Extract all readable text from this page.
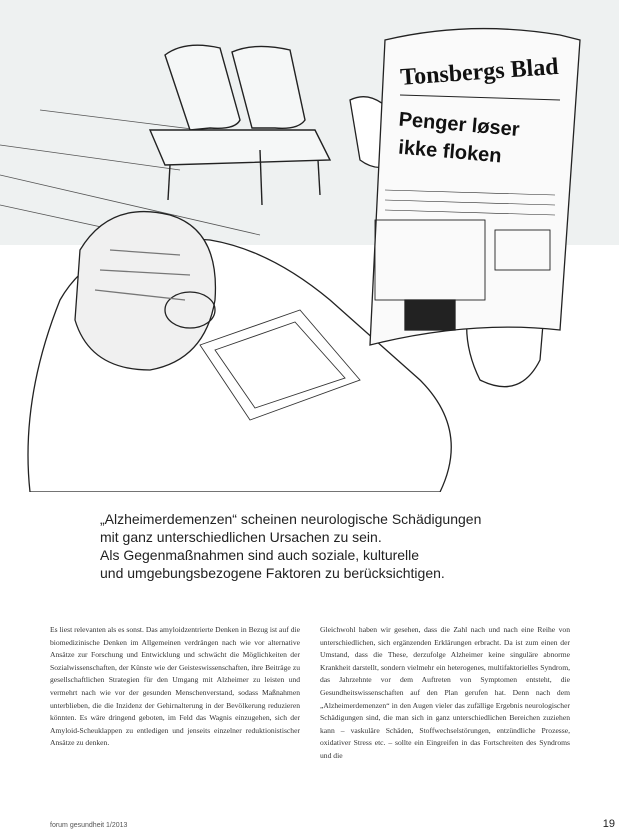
Tonsbergs Blad
Penger løser
ikke floken
„Alzheimerdemenzen“ scheinen neurologische Schädigungen
mit ganz unterschiedlichen Ursachen zu sein.
Als Gegenmaßnahmen sind auch soziale, kulturelle
und umgebungsbezogene Faktoren zu berücksichtigen.
Es liest relevanten als es sonst. Das amyloidzentrierte Denken in Bezug ist auf die biomedizinische Denken im Allgemeinen verdrängen nach wie vor alternative Ansätze zur Forschung und Entwicklung und schwächt die Möglichkeiten der Sozialwissenschaften, der Künste wie der Geisteswissenschaften, ihre Beiträge zu gesellschaftlichen Strategien für den Umgang mit Alzheimer zu leisten und vermehrt nach wie vor der gesunden Menschenverstand, sodass Maßnahmen unterblieben, die die Inzidenz der Gehirnalterung in der Bevölkerung reduzieren könnten. Es wäre dringend geboten, im Feld das Wagnis einzugehen, sich der Amyloid-Scheuklappen zu entledigen und jenseits einzelner reduktionistischer Ansätze zu denken.
Gleichwohl haben wir gesehen, dass die Zahl nach und nach eine Reihe von unterschiedlichen, sich ergänzenden Erklärungen erbracht. Da ist zum einen der Umstand, dass die These, derzufolge Alzheimer keine singuläre abnorme Krankheit darstellt, sondern vielmehr ein heterogenes, multifaktorielles Syndrom, das Jahrzehnte vor dem Auftreten von Symptomen entsteht, die Gesundheitswissenschaften auf den Plan gerufen hat. Denn nach dem „Alzheimerdemenzen“ in den Augen vieler das zufällige Ergebnis neurologischer Schädigungen sind, die man sich in ganz unterschiedlichen Bereichen zuziehen kann – vaskuläre Schäden, Stoffwechselstörungen, entzündliche Prozesse, oxidativer Stress etc. – sollte ein Eingreifen in das Fortschreiten des Syndroms und die
forum gesundheit 1/2013	19
